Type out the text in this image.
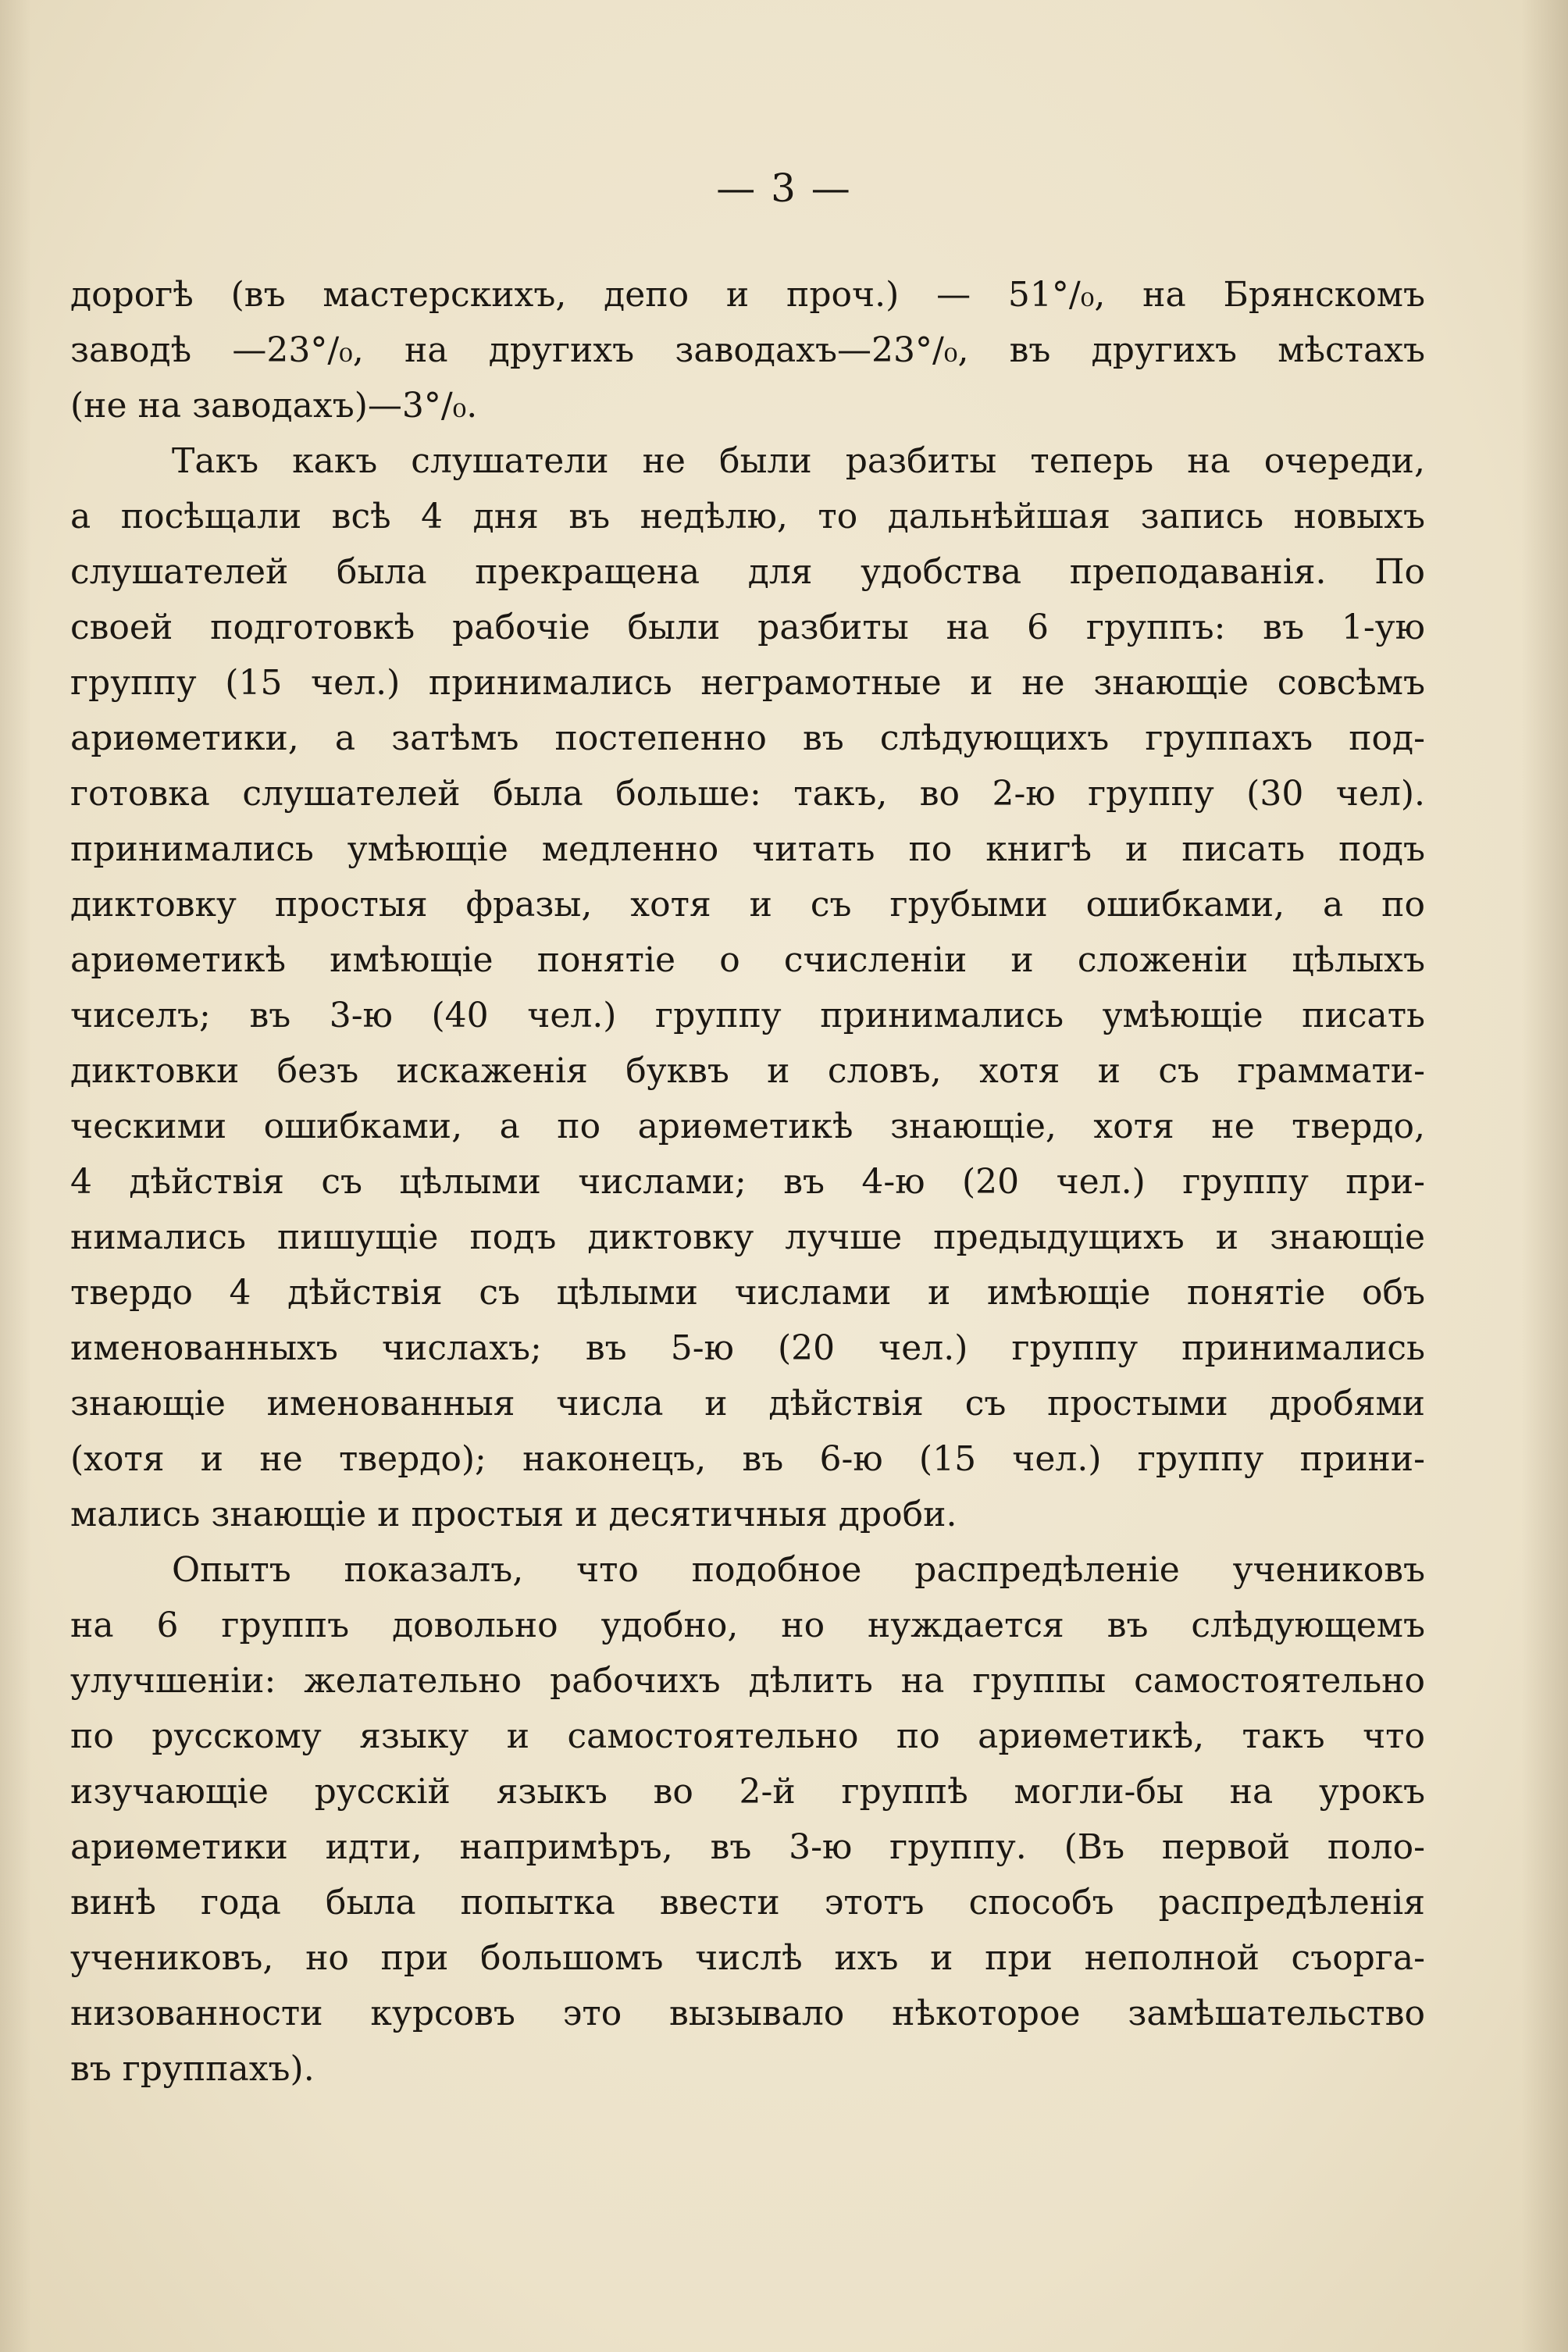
— 3 —
дорогѣ (въ мастерскихъ, депо и проч.) — 51°/₀, на Брянскомъ
заводѣ —23°/₀, на другихъ заводахъ—23°/₀, въ другихъ мѣстахъ
(не на заводахъ)—3°/₀.
Такъ какъ слушатели не были разбиты теперь на очереди,
а посѣщали всѣ 4 дня въ недѣлю, то дальнѣйшая запись новыхъ
слушателей была прекращена для удобства преподаванія. По
своей подготовкѣ рабочіе были разбиты на 6 группъ: въ 1-ую
группу (15 чел.) принимались неграмотные и не знающіе совсѣмъ
ариѳметики, а затѣмъ постепенно въ слѣдующихъ группахъ под-
готовка слушателей была больше: такъ, во 2-ю группу (30 чел).
принимались умѣющіе медленно читать по книгѣ и писать подъ
диктовку простыя фразы, хотя и съ грубыми ошибками, а по
ариѳметикѣ имѣющіе понятіе о счисленіи и сложеніи цѣлыхъ
чиселъ; въ 3-ю (40 чел.) группу принимались умѣющіе писать
диктовки безъ искаженія буквъ и словъ, хотя и съ граммати-
ческими ошибками, а по ариѳметикѣ знающіе, хотя не твердо,
4 дѣйствія съ цѣлыми числами; въ 4-ю (20 чел.) группу при-
нимались пишущіе подъ диктовку лучше предыдущихъ и знающіе
твердо 4 дѣйствія съ цѣлыми числами и имѣющіе понятіе объ
именованныхъ числахъ; въ 5-ю (20 чел.) группу принимались
знающіе именованныя числа и дѣйствія съ простыми дробями
(хотя и не твердо); наконецъ, въ 6-ю (15 чел.) группу прини-
мались знающіе и простыя и десятичныя дроби.
Опытъ показалъ, что подобное распредѣленіе учениковъ
на 6 группъ довольно удобно, но нуждается въ слѣдующемъ
улучшеніи: желательно рабочихъ дѣлить на группы самостоятельно
по русскому языку и самостоятельно по ариѳметикѣ, такъ что
изучающіе русскій языкъ во 2-й группѣ могли-бы на урокъ
ариѳметики идти, напримѣръ, въ 3-ю группу. (Въ первой поло-
винѣ года была попытка ввести этотъ способъ распредѣленія
учениковъ, но при большомъ числѣ ихъ и при неполной съорга-
низованности курсовъ это вызывало нѣкоторое замѣшательство
въ группахъ).
